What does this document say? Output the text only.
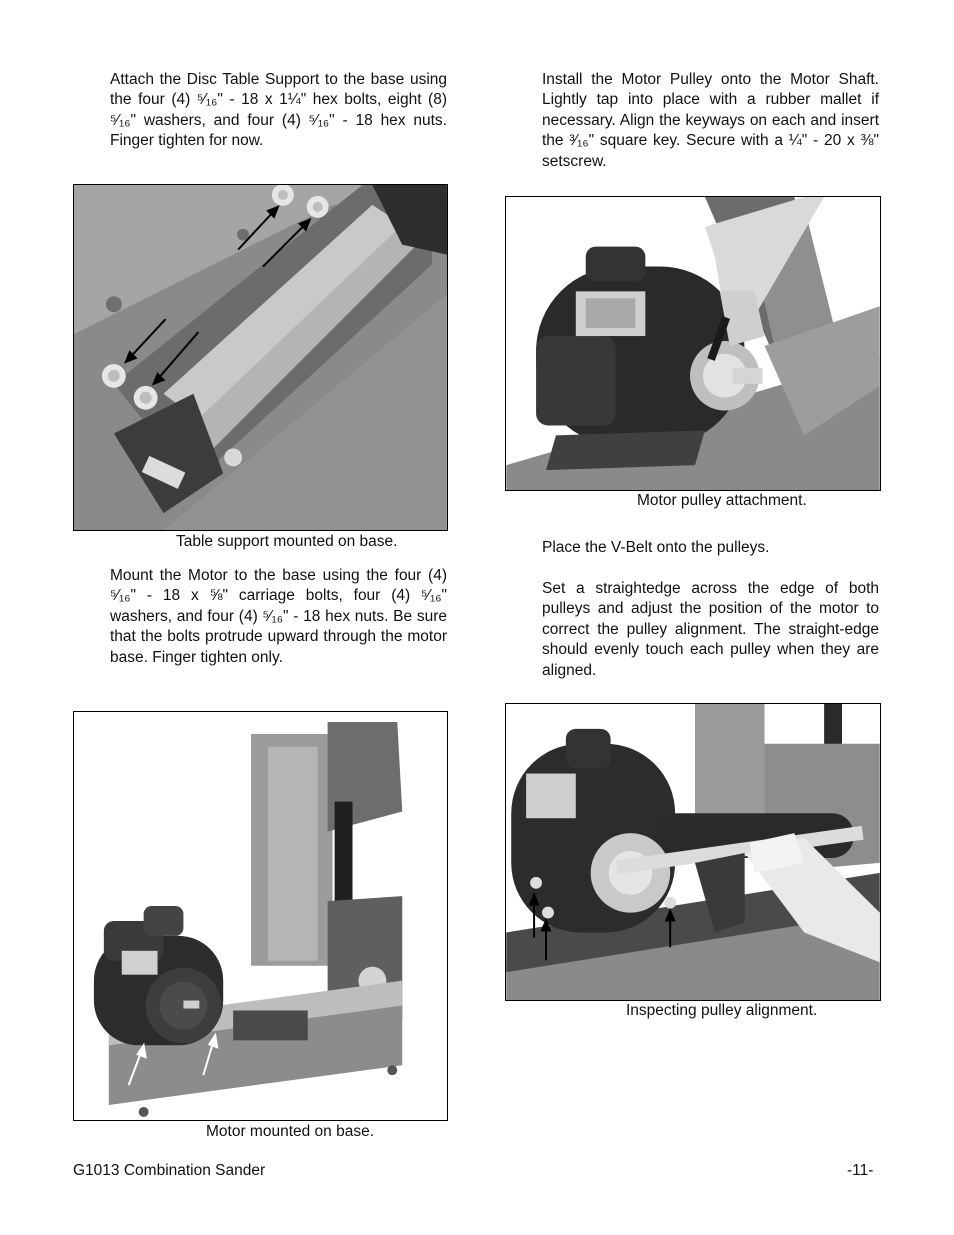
Attach the Disc Table Support to the base using the four (4) ⁵⁄₁₆" - 18 x 1¼" hex bolts, eight (8) ⁵⁄₁₆" washers, and four (4) ⁵⁄₁₆" - 18 hex nuts. Finger tighten for now.

Table support mounted on base.

Mount the Motor to the base using the four (4) ⁵⁄₁₆" - 18 x ⅝" carriage bolts, four (4) ⁵⁄₁₆" washers, and four (4) ⁵⁄₁₆" - 18 hex nuts. Be sure that the bolts protrude upward through the motor base. Finger tighten only.

Motor mounted on base.

Install the Motor Pulley onto the Motor Shaft. Lightly tap into place with a rubber mallet if necessary. Align the keyways on each and insert the ³⁄₁₆" square key. Secure with a ¼" - 20 x ⅜" setscrew.

Motor pulley attachment.

Place the V-Belt onto the pulleys.

Set a straightedge across the edge of both pulleys and adjust the position of the motor to correct the pulley alignment. The straight-edge should evenly touch each pulley when they are aligned.

Inspecting pulley alignment.
G1013 Combination Sander	-11-
